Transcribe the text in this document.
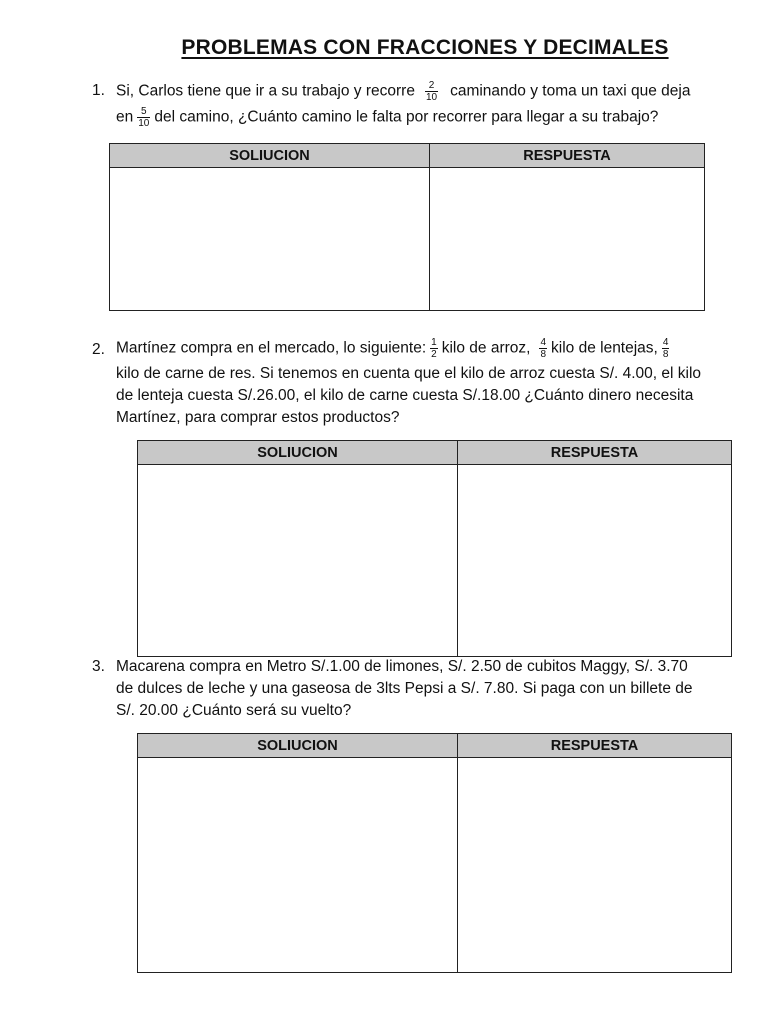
PROBLEMAS CON FRACCIONES Y DECIMALES
1. Si, Carlos tiene que ir a su trabajo y recorre $\frac{2}{10}$ caminando y toma un taxi que deja
en $\frac{5}{10}$ del camino, ¿Cuánto camino le falta por recorrer para llegar a su trabajo?
SOLIUCION	RESPUESTA

2. Martínez compra en el mercado, lo siguiente: $\frac{1}{2}$ kilo de arroz, $\frac{4}{8}$ kilo de lentejas, $\frac{4}{8}$
kilo de carne de res. Si tenemos en cuenta que el kilo de arroz cuesta S/. 4.00, el kilo
de lenteja cuesta S/.26.00, el kilo de carne cuesta S/.18.00 ¿Cuánto dinero necesita
Martínez, para comprar estos productos?
SOLIUCION	RESPUESTA

3. Macarena compra en Metro S/.1.00 de limones, S/. 2.50 de cubitos Maggy, S/. 3.70
de dulces de leche y una gaseosa de 3lts Pepsi a S/. 7.80. Si paga con un billete de
S/. 20.00 ¿Cuánto será su vuelto?
SOLIUCION	RESPUESTA
